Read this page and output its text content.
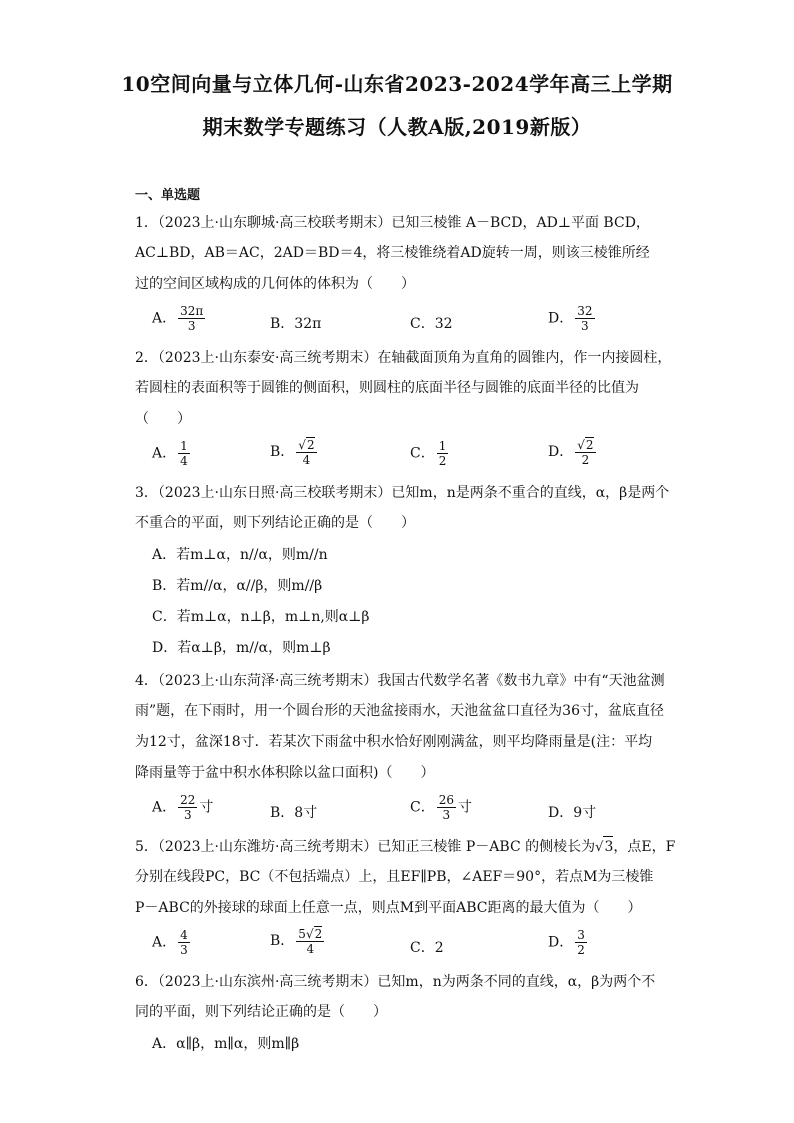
10空间向量与立体几何-山东省2023-2024学年高三上学期
期末数学专题练习（人教A版,2019新版）
一、单选题
1．（2023上·山东聊城·高三校联考期末）已知三棱锥 A－BCD，AD⊥平面 BCD，
AC⊥BD，AB＝AC，2AD＝BD＝4，将三棱锥绕着AD旋转一周，则该三棱锥所经
过的空间区域构成的几何体的体积为（　　）
A． $\frac{32\pi}{3}$	B．32π	C．32	D． $\frac{32}{3}$
2．（2023上·山东泰安·高三统考期末）在轴截面顶角为直角的圆锥内，作一内接圆柱，
若圆柱的表面积等于圆锥的侧面积，则圆柱的底面半径与圆锥的底面半径的比值为
（　　）
A． $\frac{1}{4}$	B． √ $\frac{2}{4}$	C． $\frac{1}{2}$	D． √ $\frac{2}{2}$
3．（2023上·山东日照·高三校联考期末）已知m，n是两条不重合的直线，α，β是两个
不重合的平面，则下列结论正确的是（　　）
A．若m⊥α，n//α，则m//n
B．若m//α，α//β，则m//β
C．若m⊥α，n⊥β，m⊥n,则α⊥β
D．若α⊥β，m//α，则m⊥β
4．（2023上·山东菏泽·高三统考期末）我国古代数学名著《数书九章》中有“天池盆测
雨”题，在下雨时，用一个圆台形的天池盆接雨水，天池盆盆口直径为36寸，盆底直径
为12寸，盆深18寸．若某次下雨盆中积水恰好刚刚满盆，则平均降雨量是(注：平均
降雨量等于盆中积水体积除以盆口面积)（　　）
A． $\frac{22}{3}$ 寸	B．8寸	C． $\frac{26}{3}$ 寸	D．9寸
5．（2023上·山东潍坊·高三统考期末）已知正三棱锥 P－ABC 的侧棱长为 √ 3，点E，F
分别在线段PC，BC（不包括端点）上，且EF∥PB，∠AEF＝90°，若点M为三棱锥
P－ABC的外接球的球面上任意一点，则点M到平面ABC距离的最大值为（　　）
A． $\frac{4}{3}$	B． $\frac{5 √ 2}{4}$	C．2	D． $\frac{3}{2}$
6．（2023上·山东滨州·高三统考期末）已知m，n为两条不同的直线，α，β为两个不
同的平面，则下列结论正确的是（　　）
A．α∥β，m∥α，则m∥β
